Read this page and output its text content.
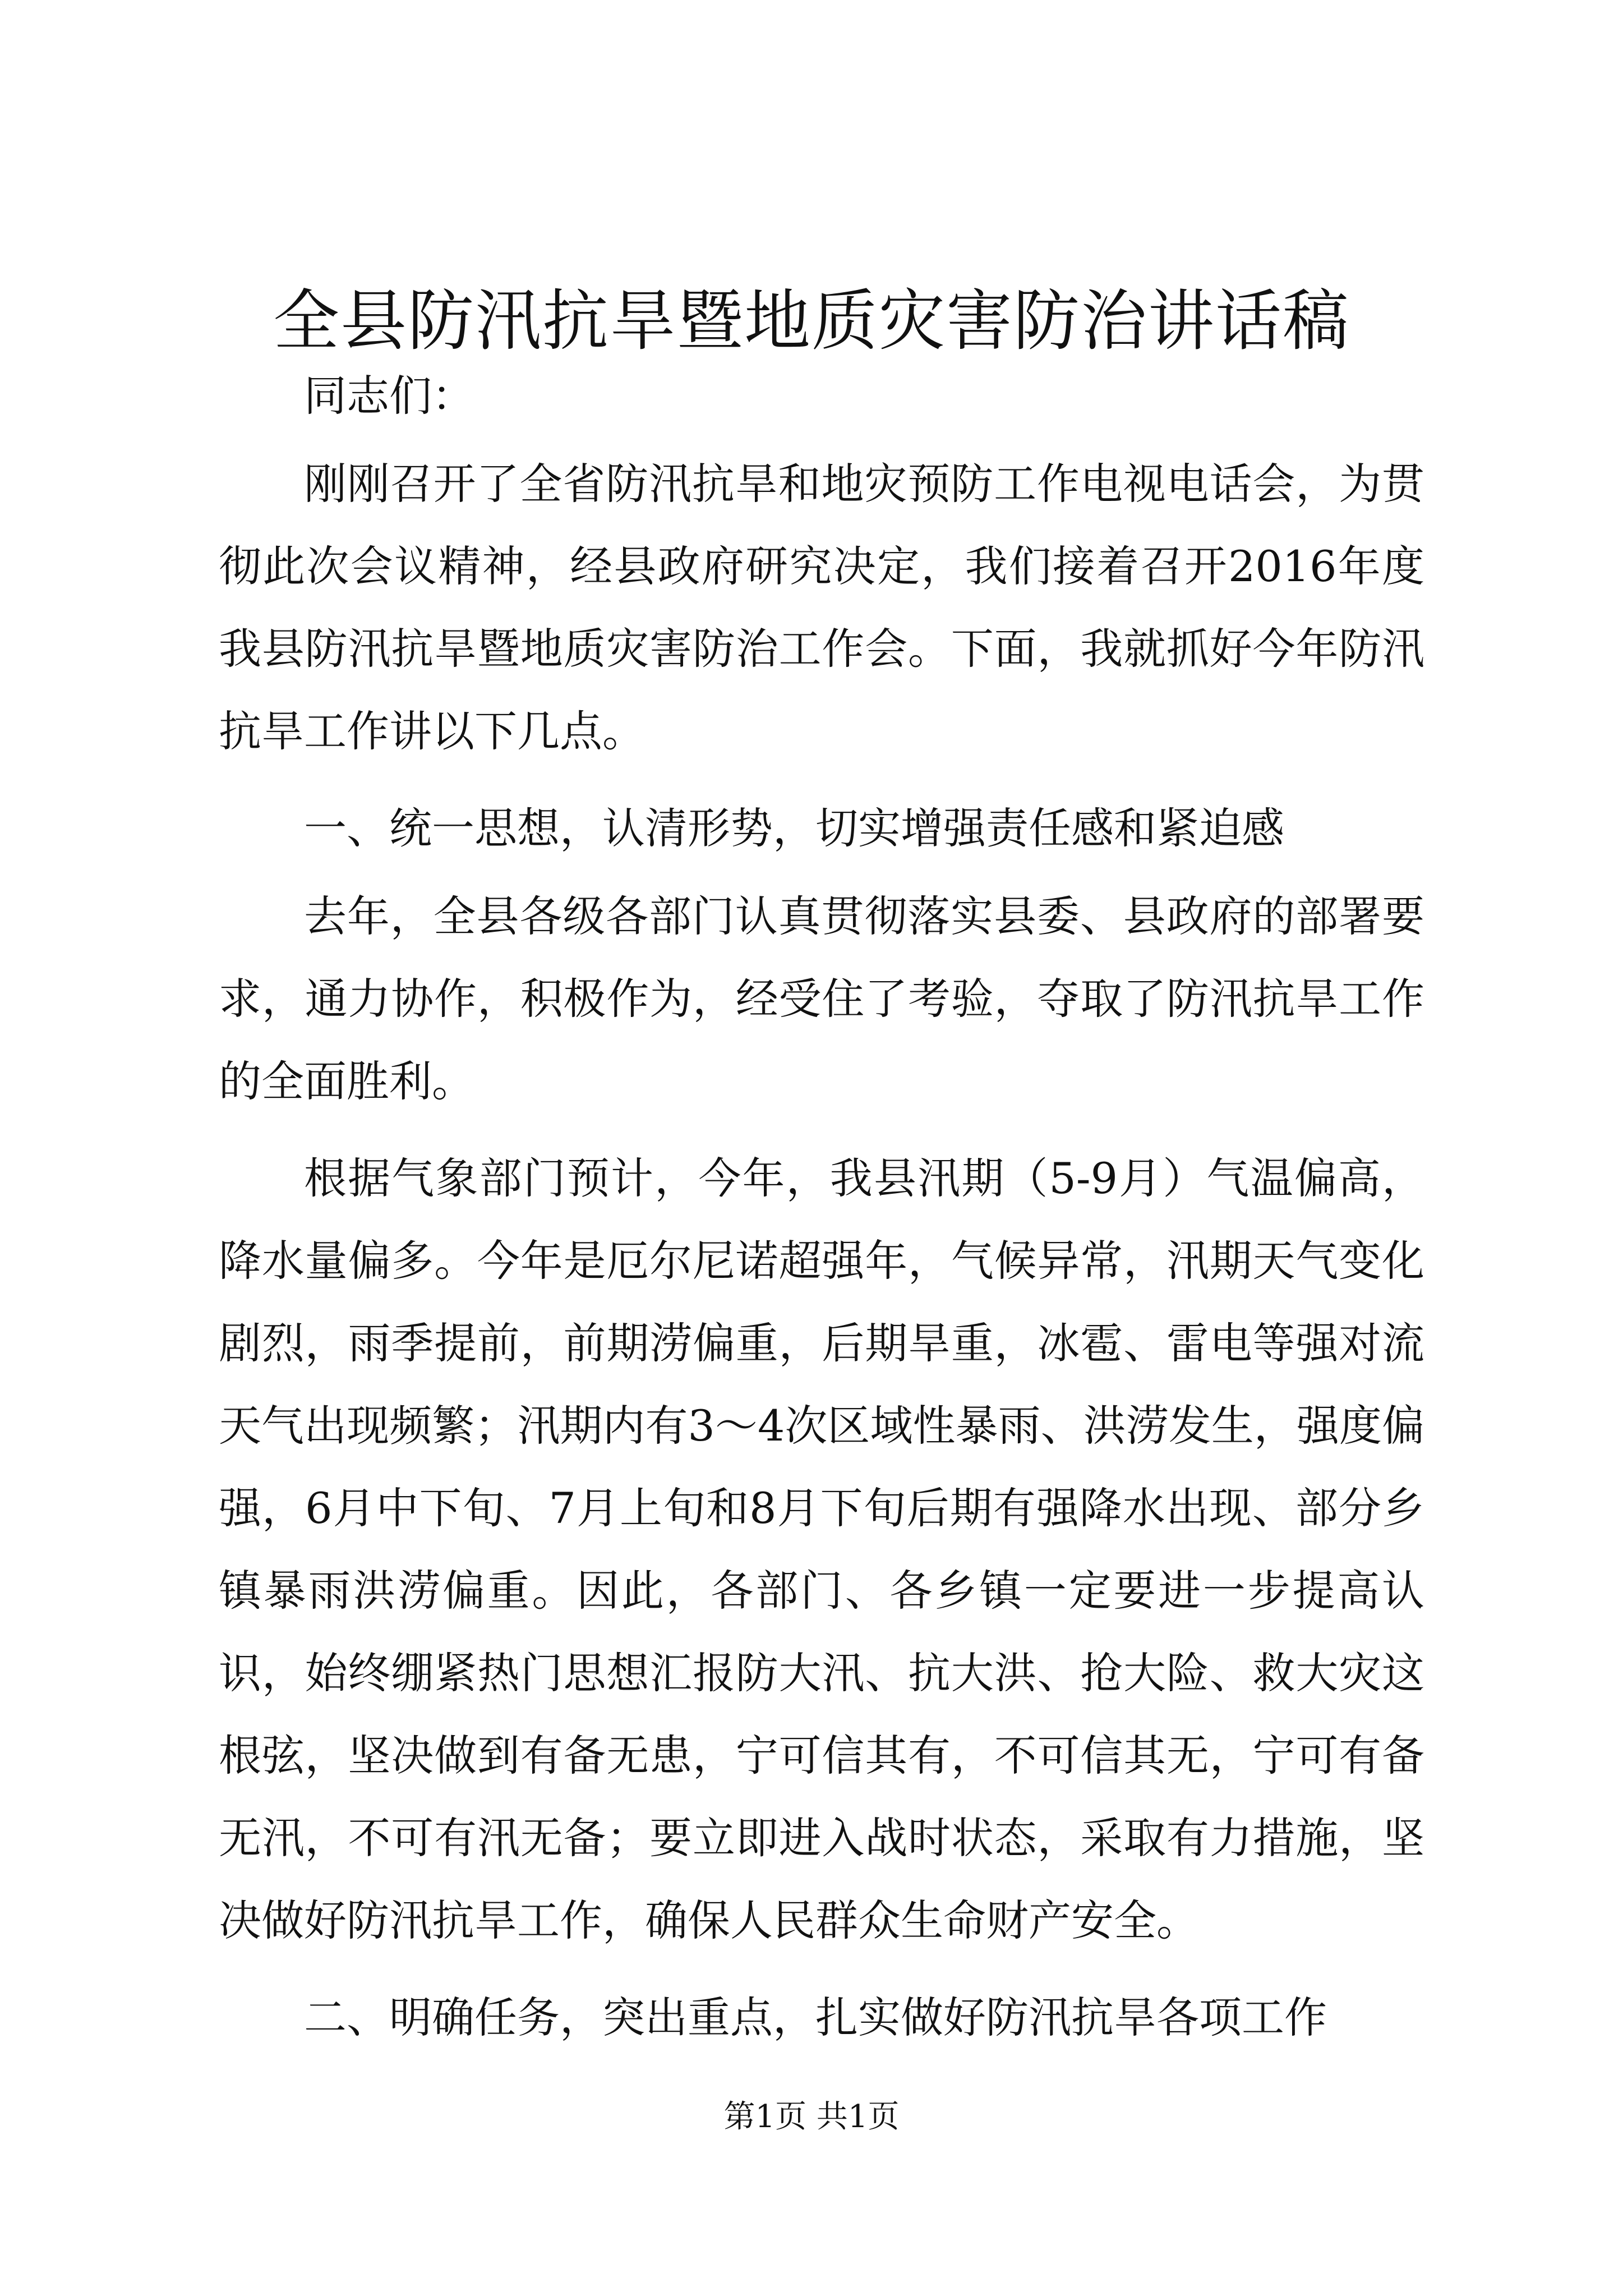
全县防汛抗旱暨地质灾害防治讲话稿

同志们：

刚刚召开了全省防汛抗旱和地灾预防工作电视电话会，为贯彻此次会议精神，经县政府研究决定，我们接着召开2016年度我县防汛抗旱暨地质灾害防治工作会。下面，我就抓好今年防汛抗旱工作讲以下几点。

一、统一思想，认清形势，切实增强责任感和紧迫感

去年，全县各级各部门认真贯彻落实县委、县政府的部署要求，通力协作，积极作为，经受住了考验，夺取了防汛抗旱工作的全面胜利。

根据气象部门预计，今年，我县汛期（5-9月）气温偏高，降水量偏多。今年是厄尔尼诺超强年，气候异常，汛期天气变化剧烈，雨季提前，前期涝偏重，后期旱重，冰雹、雷电等强对流天气出现频繁；汛期内有3～4次区域性暴雨、洪涝发生，强度偏强，6月中下旬、7月上旬和8月下旬后期有强降水出现、部分乡镇暴雨洪涝偏重。因此，各部门、各乡镇一定要进一步提高认识，始终绷紧热门思想汇报防大汛、抗大洪、抢大险、救大灾这根弦，坚决做到有备无患，宁可信其有，不可信其无，宁可有备无汛，不可有汛无备；要立即进入战时状态，采取有力措施，坚决做好防汛抗旱工作，确保人民群众生命财产安全。

二、明确任务，突出重点，扎实做好防汛抗旱各项工作

第1页 共1页
